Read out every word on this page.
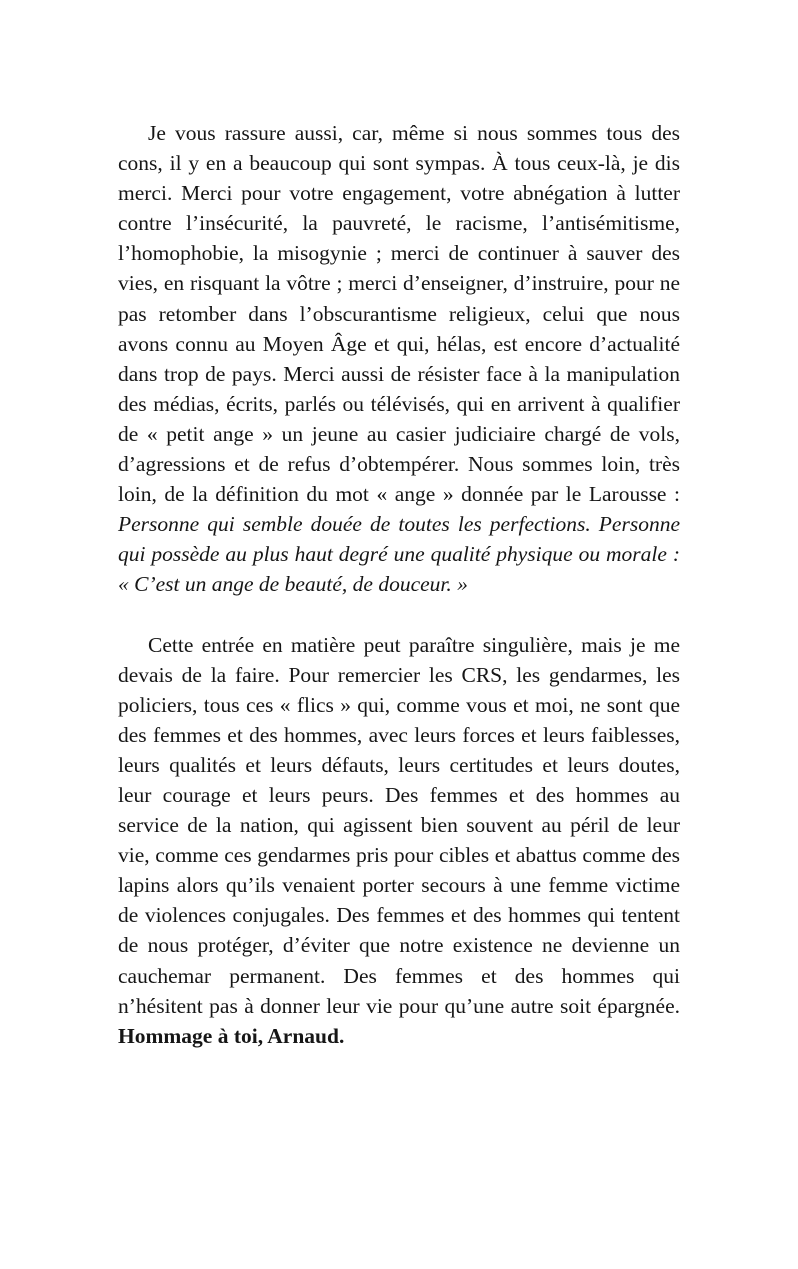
Je vous rassure aussi, car, même si nous sommes tous des cons, il y en a beaucoup qui sont sympas. À tous ceux-là, je dis merci. Merci pour votre engagement, votre abnégation à lutter contre l’insécurité, la pauvreté, le racisme, l’antisémitisme, l’homophobie, la misogynie ; merci de continuer à sauver des vies, en risquant la vôtre ; merci d’enseigner, d’instruire, pour ne pas retomber dans l’obscurantisme religieux, celui que nous avons connu au Moyen Âge et qui, hélas, est encore d’actualité dans trop de pays. Merci aussi de résister face à la manipulation des médias, écrits, parlés ou télévisés, qui en arrivent à qualifier de « petit ange » un jeune au casier judiciaire chargé de vols, d’agressions et de refus d’obtempérer. Nous sommes loin, très loin, de la définition du mot « ange » donnée par le Larousse : Personne qui semble douée de toutes les perfections. Personne qui possède au plus haut degré une qualité physique ou morale : « C’est un ange de beauté, de douceur. »

Cette entrée en matière peut paraître singulière, mais je me devais de la faire. Pour remercier les CRS, les gendarmes, les policiers, tous ces « flics » qui, comme vous et moi, ne sont que des femmes et des hommes, avec leurs forces et leurs faiblesses, leurs qualités et leurs défauts, leurs certitudes et leurs doutes, leur courage et leurs peurs. Des femmes et des hommes au service de la nation, qui agissent bien souvent au péril de leur vie, comme ces gendarmes pris pour cibles et abattus comme des lapins alors qu’ils venaient porter secours à une femme victime de violences conjugales. Des femmes et des hommes qui tentent de nous protéger, d’éviter que notre existence ne devienne un cauchemar permanent. Des femmes et des hommes qui n’hésitent pas à donner leur vie pour qu’une autre soit épargnée. Hommage à toi, Arnaud.
